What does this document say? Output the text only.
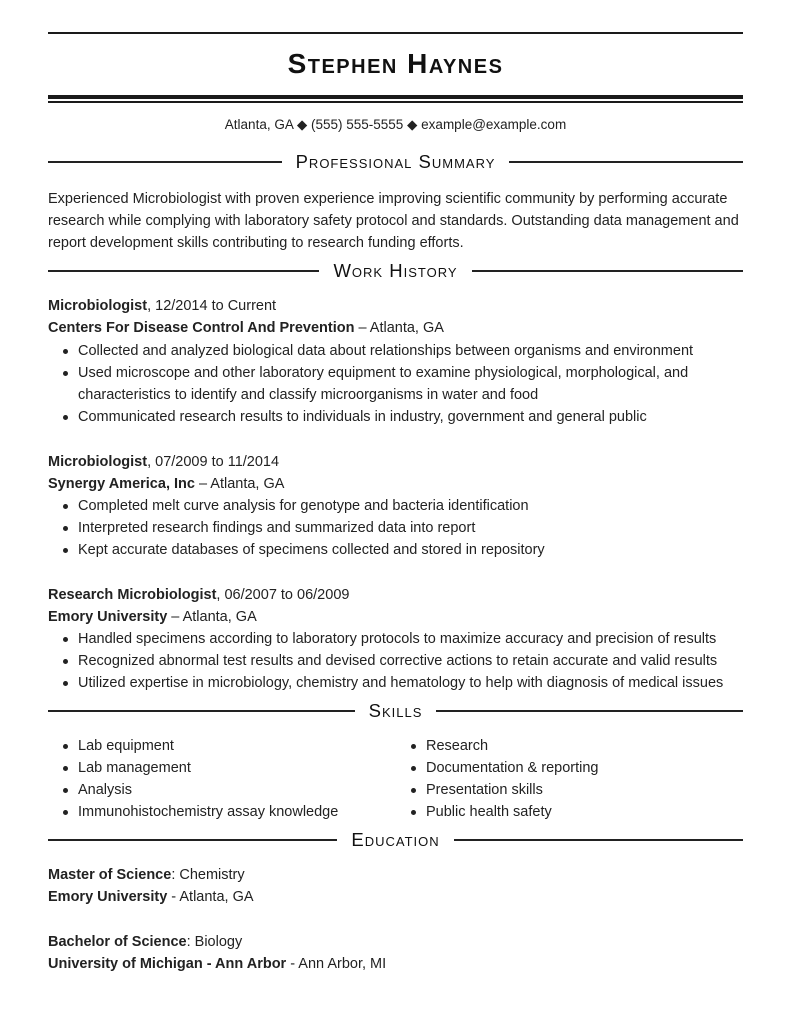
Stephen Haynes
Atlanta, GA ◆ (555) 555-5555 ◆ example@example.com
Professional Summary
Experienced Microbiologist with proven experience improving scientific community by performing accurate
research while complying with laboratory safety protocol and standards. Outstanding data management and
report development skills contributing to research funding efforts.
Work History
Microbiologist, 12/2014 to Current
Centers For Disease Control And Prevention – Atlanta, GA
Collected and analyzed biological data about relationships between organisms and environment
Used microscope and other laboratory equipment to examine physiological, morphological, and
characteristics to identify and classify microorganisms in water and food
Communicated research results to individuals in industry, government and general public
Microbiologist, 07/2009 to 11/2014
Synergy America, Inc – Atlanta, GA
Completed melt curve analysis for genotype and bacteria identification
Interpreted research findings and summarized data into report
Kept accurate databases of specimens collected and stored in repository
Research Microbiologist, 06/2007 to 06/2009
Emory University – Atlanta, GA
Handled specimens according to laboratory protocols to maximize accuracy and precision of results
Recognized abnormal test results and devised corrective actions to retain accurate and valid results
Utilized expertise in microbiology, chemistry and hematology to help with diagnosis of medical issues
Skills
Lab equipment
Lab management
Analysis
Immunohistochemistry assay knowledge
Research
Documentation & reporting
Presentation skills
Public health safety
Education
Master of Science: Chemistry
Emory University - Atlanta, GA
Bachelor of Science: Biology
University of Michigan - Ann Arbor - Ann Arbor, MI
